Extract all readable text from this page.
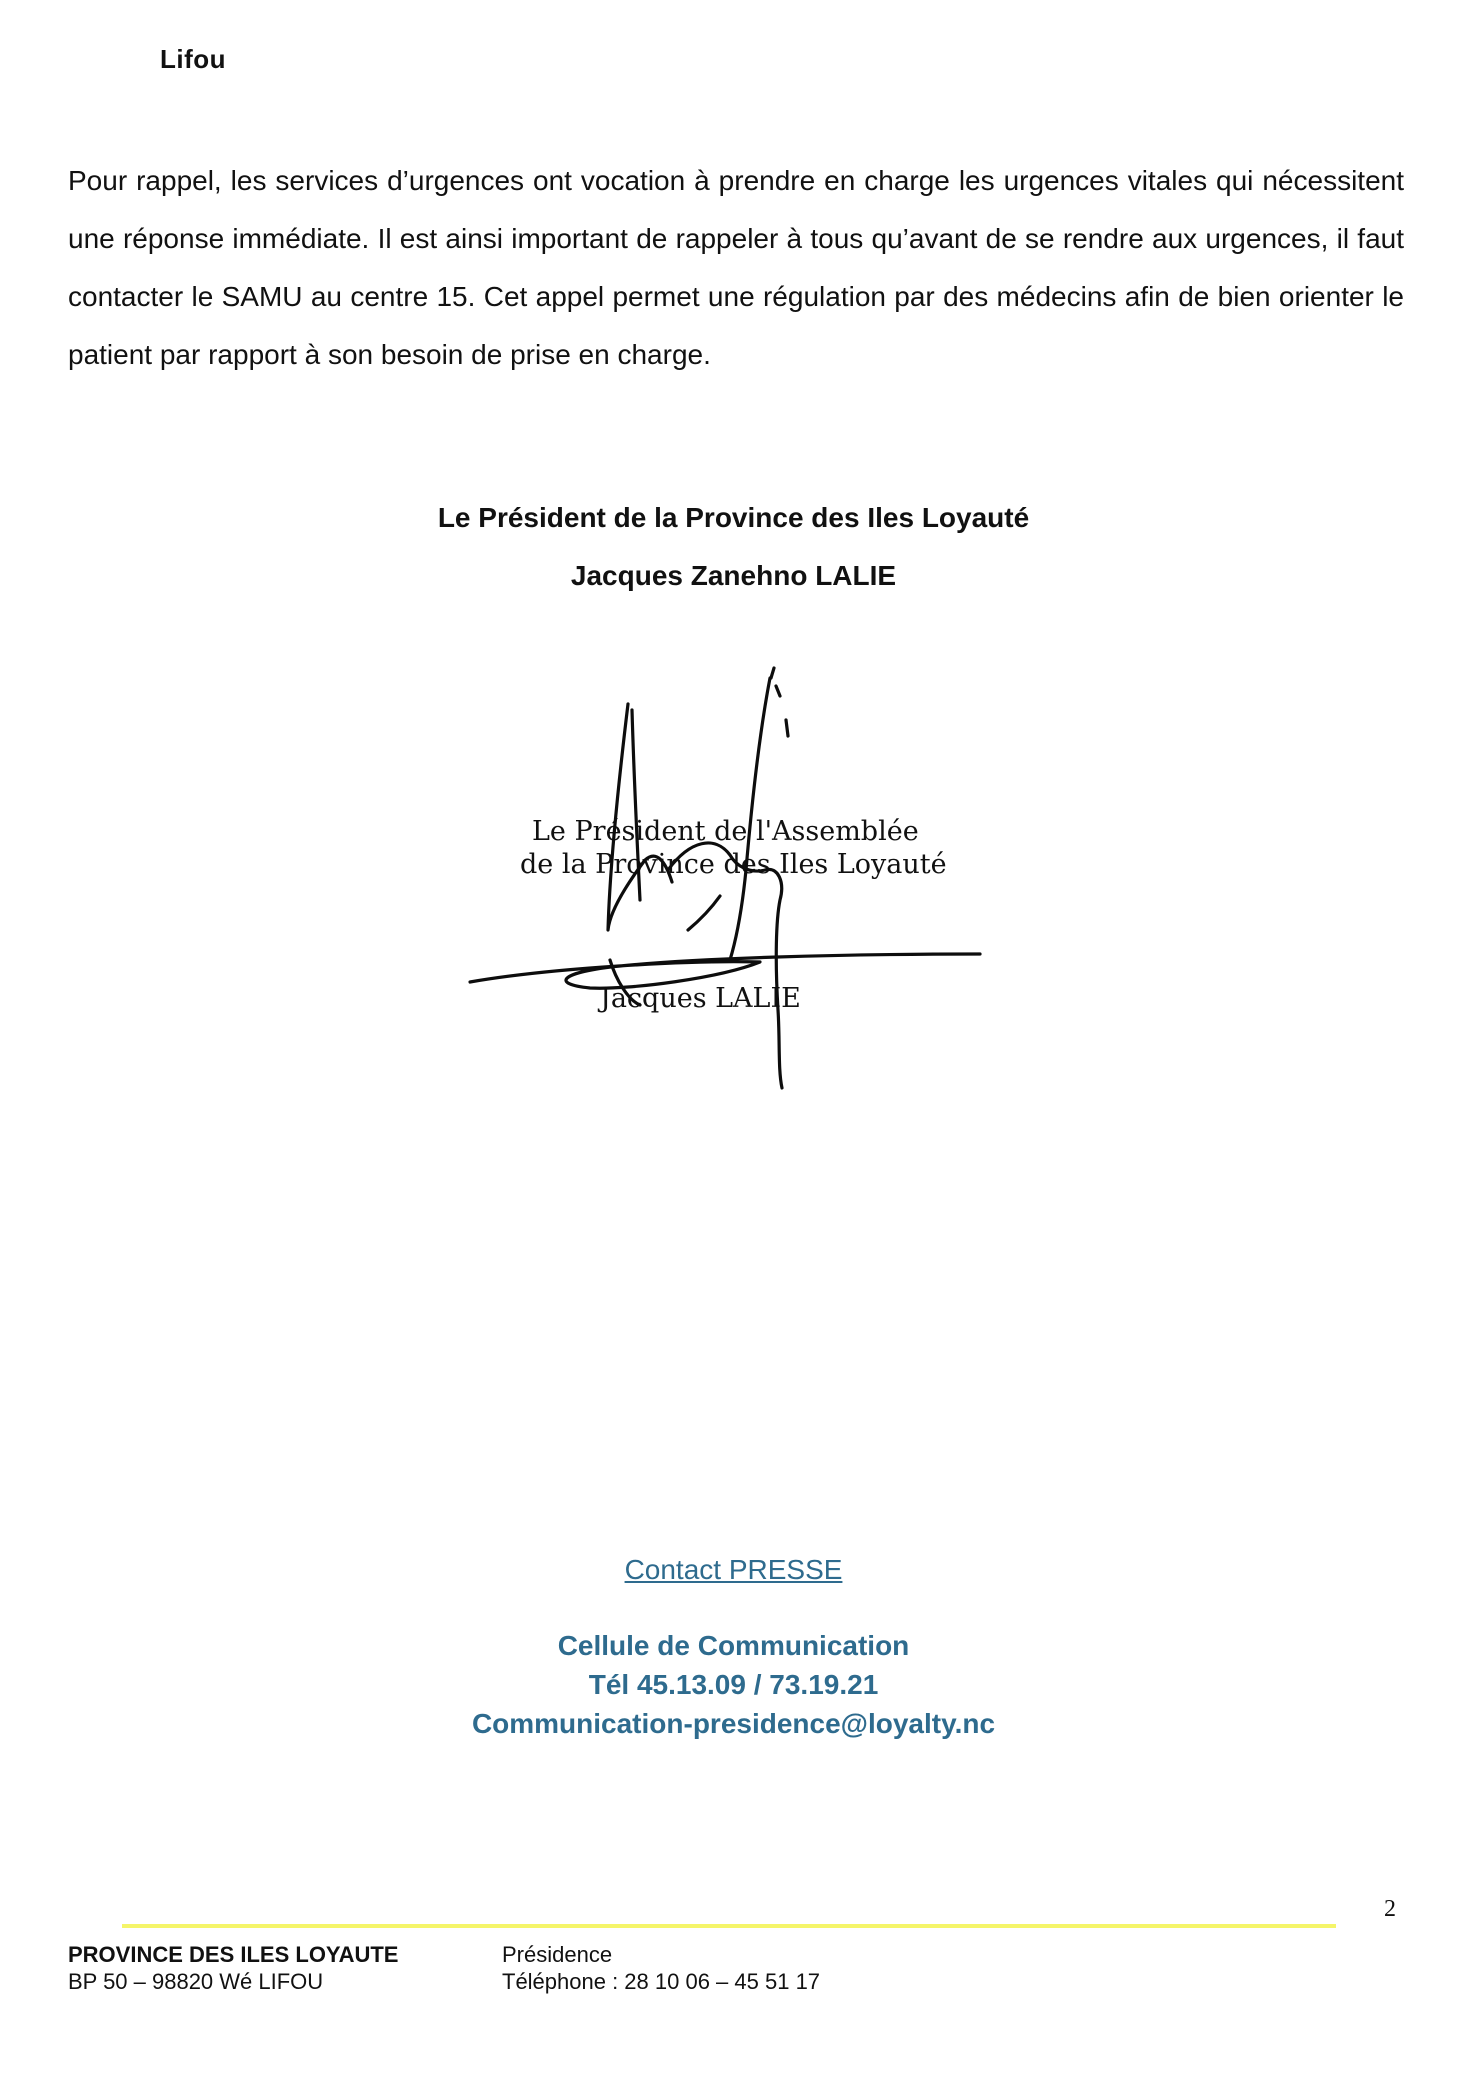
Lifou

Pour rappel, les services d’urgences ont vocation à prendre en charge les urgences vitales qui nécessitent une réponse immédiate. Il est ainsi important de rappeler à tous qu’avant de se rendre aux urgences, il faut contacter le SAMU au centre 15. Cet appel permet une régulation par des médecins afin de bien orienter le patient par rapport à son besoin de prise en charge.

Le Président de la Province des Iles Loyauté
Jacques Zanehno LALIE
Le Président de l'Assemblée
de la Province des Iles Loyauté
Jacques LALIE
Contact PRESSE
Cellule de Communication
Tél 45.13.09 / 73.19.21
Communication-presidence@loyalty.nc
2
PROVINCE DES ILES LOYAUTE
BP 50 – 98820 Wé LIFOU
Présidence
Téléphone : 28 10 06 – 45 51 17
